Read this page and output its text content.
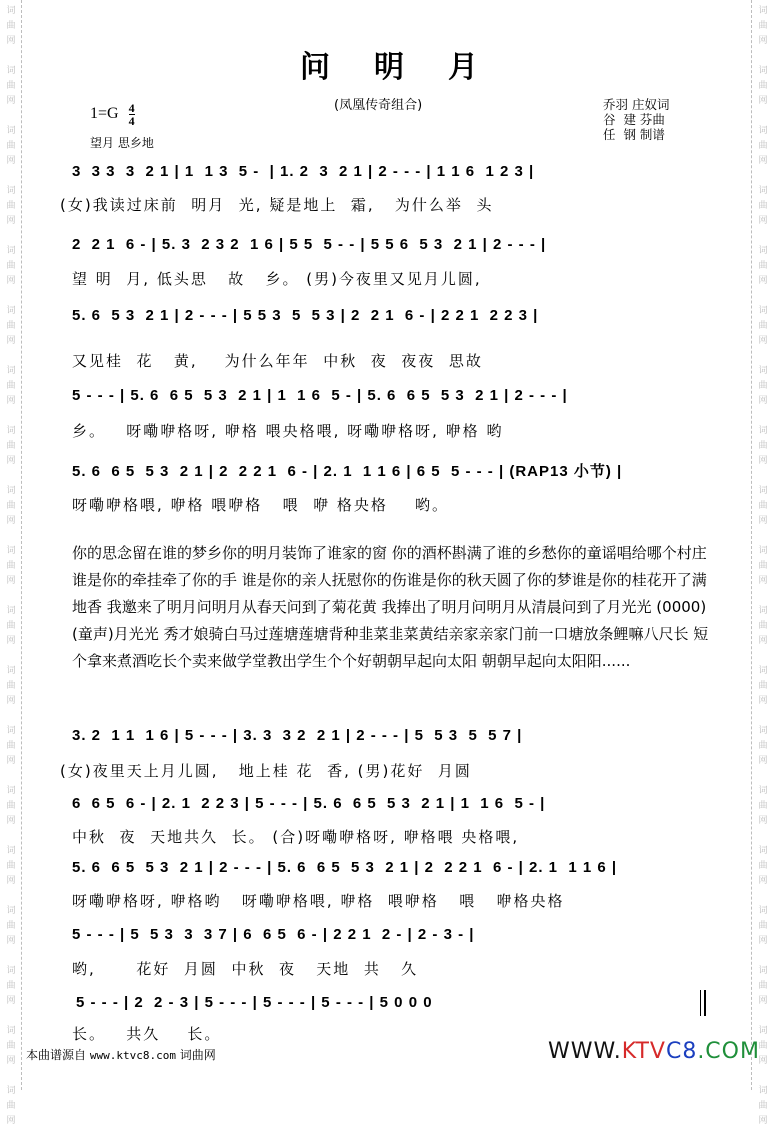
词
曲
网
词
曲
网
词
曲
网
词
曲
网
词
曲
网
词
曲
网
词
曲
网
词
曲
网
词
曲
网
词
曲
网
词
曲
网
词
曲
网
词
曲
网
词
曲
网
词
曲
网
词
曲
网
词
曲
网
词
曲
网
词
曲
网
词
曲
网
词
曲
网
词
曲
网
词
曲
网
词
曲
网
词
曲
网
词
曲
网
词
曲
网
词
曲
网
词
曲
网
词
曲
网
词
曲
网
词
曲
网
词
曲
网
词
曲
网
词
曲
网
词
曲
网
词
曲
网
词
曲
网
问明月
(凤凰传奇组合)
$1=G \frac{4}{4}$
望月 思乡地
乔羽 庄奴词
谷  建 芬曲
任  钢 制谱
3  3 3  3  2 1 | 1  1 3  5 -  | 1. 2  3  2 1 | 2 - - - | 1 1 6  1 2 3 |
(女)我读过床前  明月  光, 疑是地上  霜,   为什么举  头
2  2 1  6 - | 5. 3  2 3 2  1 6 | 5 5  5 - - | 5 5 6  5 3  2 1 | 2 - - - |
望 明  月, 低头思   故   乡。 (男)今夜里又见月儿圆,
5. 6  5 3  2 1 | 2 - - - | 5 5 3  5  5 3 | 2  2 1  6 - | 2 2 1  2 2 3 |
又见桂  花   黄,    为什么年年  中秋  夜  夜夜  思故
5 - - - | 5. 6  6 5  5 3  2 1 | 1  1 6  5 - | 5. 6  6 5  5 3  2 1 | 2 - - - |
乡。   呀嘞咿格呀, 咿格 喂央格喂, 呀嘞咿格呀, 咿格 哟
5. 6  6 5  5 3  2 1 | 2  2 2 1  6 - | 2. 1  1 1 6 | 6 5  5 - - - | (RAP13 小节) |
呀嘞咿格喂, 咿格 喂咿格   喂  咿 格央格    哟。
你的思念留在谁的梦乡你的明月装饰了谁家的窗 你的酒杯斟满了谁的乡愁你的童谣唱给哪个村庄谁是你的牵挂牵了你的手 谁是你的亲人抚慰你的伤谁是你的秋天圆了你的梦谁是你的桂花开了满地香 我邀来了明月问明月从春天问到了菊花黄 我捧出了明月问明月从清晨问到了月光光 (0000) (童声)月光光 秀才娘骑白马过莲塘莲塘背种韭菜韭菜黄结亲家亲家门前一口塘放条鲤嘛八尺长 短个拿来煮酒吃长个卖来做学堂教出学生个个好朝朝早起向太阳 朝朝早起向太阳阳......
3. 2  1 1  1 6 | 5 - - - | 3. 3  3 2  2 1 | 2 - - - | 5  5 3  5  5 7 |
(女)夜里天上月儿圆,   地上桂 花  香, (男)花好  月圆
6  6 5  6 - | 2. 1  2 2 3 | 5 - - - | 5. 6  6 5  5 3  2 1 | 1  1 6  5 - |
中秋  夜  天地共久  长。 (合)呀嘞咿格呀, 咿格喂 央格喂,
5. 6  6 5  5 3  2 1 | 2 - - - | 5. 6  6 5  5 3  2 1 | 2  2 2 1  6 - | 2. 1  1 1 6 |
呀嘞咿格呀, 咿格哟   呀嘞咿格喂, 咿格  喂咿格   喂   咿格央格
5 - - - | 5  5 3  3  3 7 | 6  6 5  6 - | 2 2 1  2 - | 2 - 3 - |
哟,      花好  月圆  中秋  夜   天地  共   久
5 - - - | 2  2 - 3 | 5 - - - | 5 - - - | 5 - - - | 5 0 0 0
长。   共久    长。
本曲谱源自 www.ktvc8.com 词曲网	WWW.KTVC8.COM
